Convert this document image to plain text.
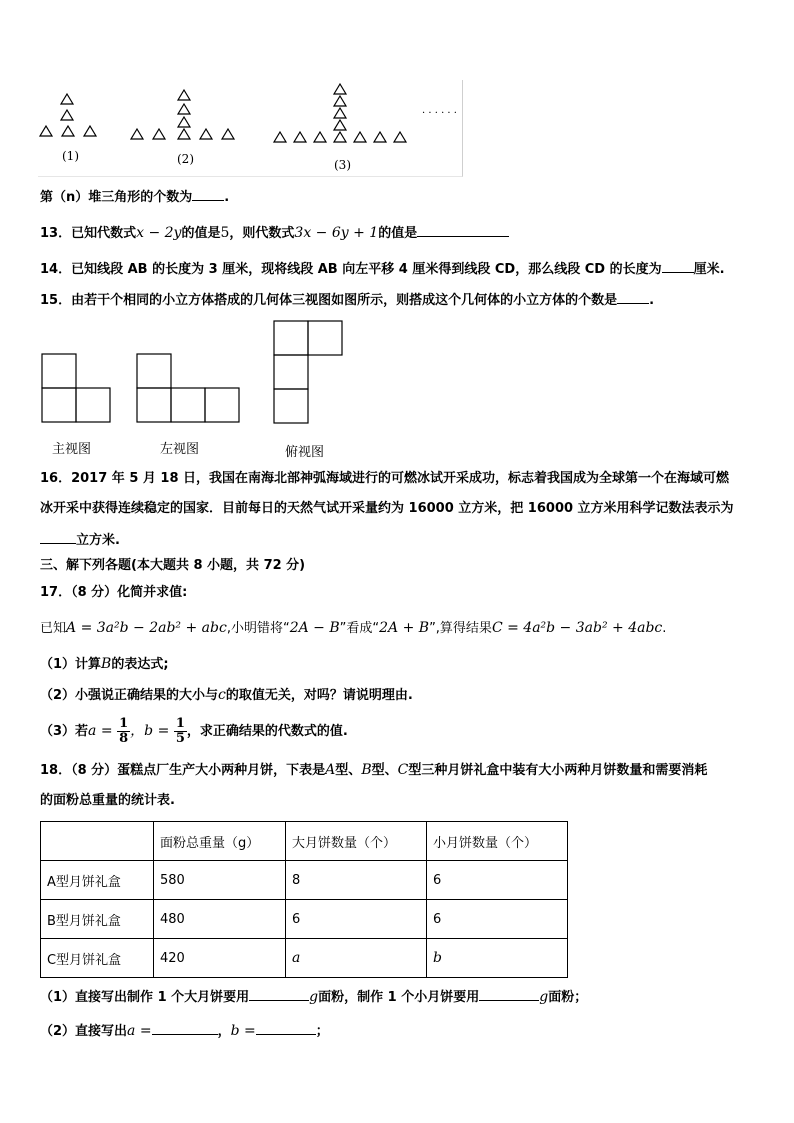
(1)	(2)	(3)
· · · · · ·
第（n）堆三角形的个数为 .
13．已知代数式x − 2y的值是5，则代数式3x − 6y + 1的值是
14．已知线段 AB 的长度为 3 厘米，现将线段 AB 向左平移 4 厘米得到线段 CD，那么线段 CD 的长度为 厘米.
15．由若干个相同的小立方体搭成的几何体三视图如图所示，则搭成这个几何体的小立方体的个数是 .
主视图	左视图	俯视图
16．2017 年 5 月 18 日，我国在南海北部神弧海域进行的可燃冰试开采成功，标志着我国成为全球第一个在海域可燃
冰开采中获得连续稳定的国家．目前每日的天然气试开采量约为 16000 立方米，把 16000 立方米用科学记数法表示为
立方米.
三、解下列各题(本大题共 8 小题，共 72 分)
17．（8 分）化简并求值:
已知A = 3a²b − 2ab² + abc,小明错将“2A − B”看成“2A + B”,算得结果C = 4a²b − 3ab² + 4abc.
（1）计算B的表达式;
（2）小强说正确结果的大小与c的取值无关，对吗？请说明理由.
（3）若$a = \frac{1}{8}$ ，$b = \frac{1}{5}$ ，求正确结果的代数式的值.
18．（8 分）蛋糕点厂生产大小两种月饼，下表是A型、B型、C型三种月饼礼盒中装有大小两种月饼数量和需要消耗
的面粉总重量的统计表.
	面粉总重量（g）	大月饼数量（个）	小月饼数量（个）
A型月饼礼盒	580	8	6
B型月饼礼盒	480	6	6
C型月饼礼盒	420	a	b
（1）直接写出制作 1 个大月饼要用	g面粉，制作 1 个小月饼要用	g面粉；
（2）直接写出a =	，b =	；
